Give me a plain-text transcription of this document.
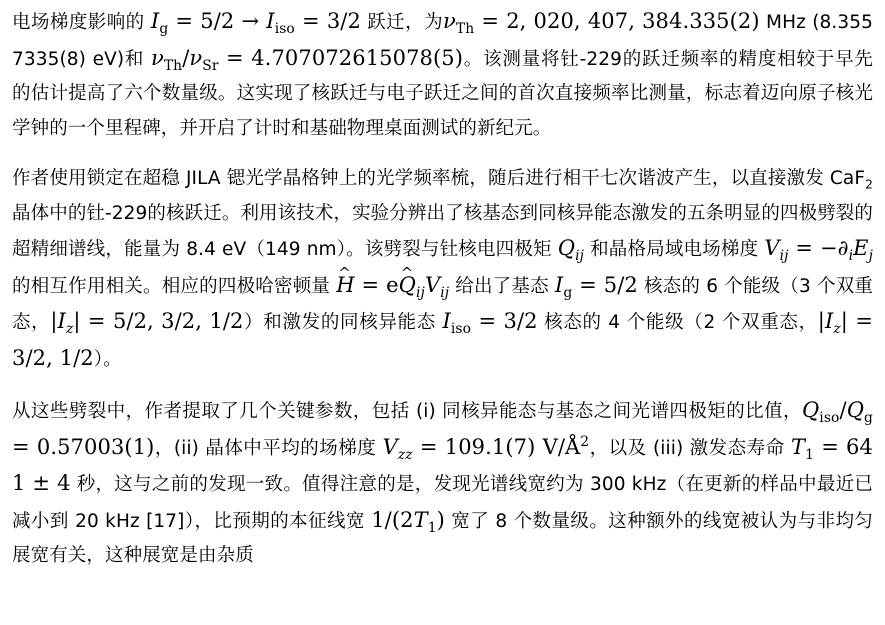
电场梯度影响的 $I_g = 5/2 \to I_{iso} = 3/2$ 跃迁，为$\nu_{Th} = 2$, 020, 407, 384.335(2) MHz (8.3557335(8) eV)和 $\nu_{Th}/\nu_{Sr} = 4.707072615078(5)$。该测量将钍-229的跃迁频率的精度相较于早先的估计提高了六个数量级。这实现了核跃迁与电子跃迁之间的首次直接频率比测量，标志着迈向原子核光学钟的一个里程碑，并开启了计时和基础物理桌面测试的新纪元。

作者使用锁定在超稳 JILA 锶光学晶格钟上的光学频率梳，随后进行相干七次谐波产生，以直接激发 CaF$_2$ 晶体中的钍-229的核跃迁。利用该技术，实验分辨出了核基态到同核异能态激发的五条明显的四极劈裂的超精细谱线，能量为 8.4 eV（149 nm）。该劈裂与钍核电四极矩 $Q_{ij}$ 和晶格局域电场梯度 $V_{ij} = -\partial_iE_j$ 的相互作用相关。相应的四极哈密顿量 ^ H = e^ $Q_{ij}V_{ij}$ 给出了基态 $I_g = 5/2$ 核态的 6 个能级（3 个双重态，$|I_z| = 5/2$, 3/2, 1/2）和激发的同核异能态 $I_{iso} = 3/2$ 核态的 4 个能级（2 个双重态，$|I_z| = 3/2$, 1/2）。

从这些劈裂中，作者提取了几个关键参数，包括 (i) 同核异能态与基态之间光谱四极矩的比值，$Q_{iso}/Q_g = 0.57003(1)$，(ii) 晶体中平均的场梯度 $V_{zz} = 109.1(7)$ $V/Å^2$，以及 (iii) 激发态寿命 $T_1 = 641 \pm 4$ 秒，这与之前的发现一致。值得注意的是，发现光谱线宽约为 300 kHz（在更新的样品中最近已减小到 20 kHz [17]），比预期的本征线宽 $1/(2T_1)$ 宽了 8 个数量级。这种额外的线宽被认为与非均匀展宽有关，这种展宽是由杂质
